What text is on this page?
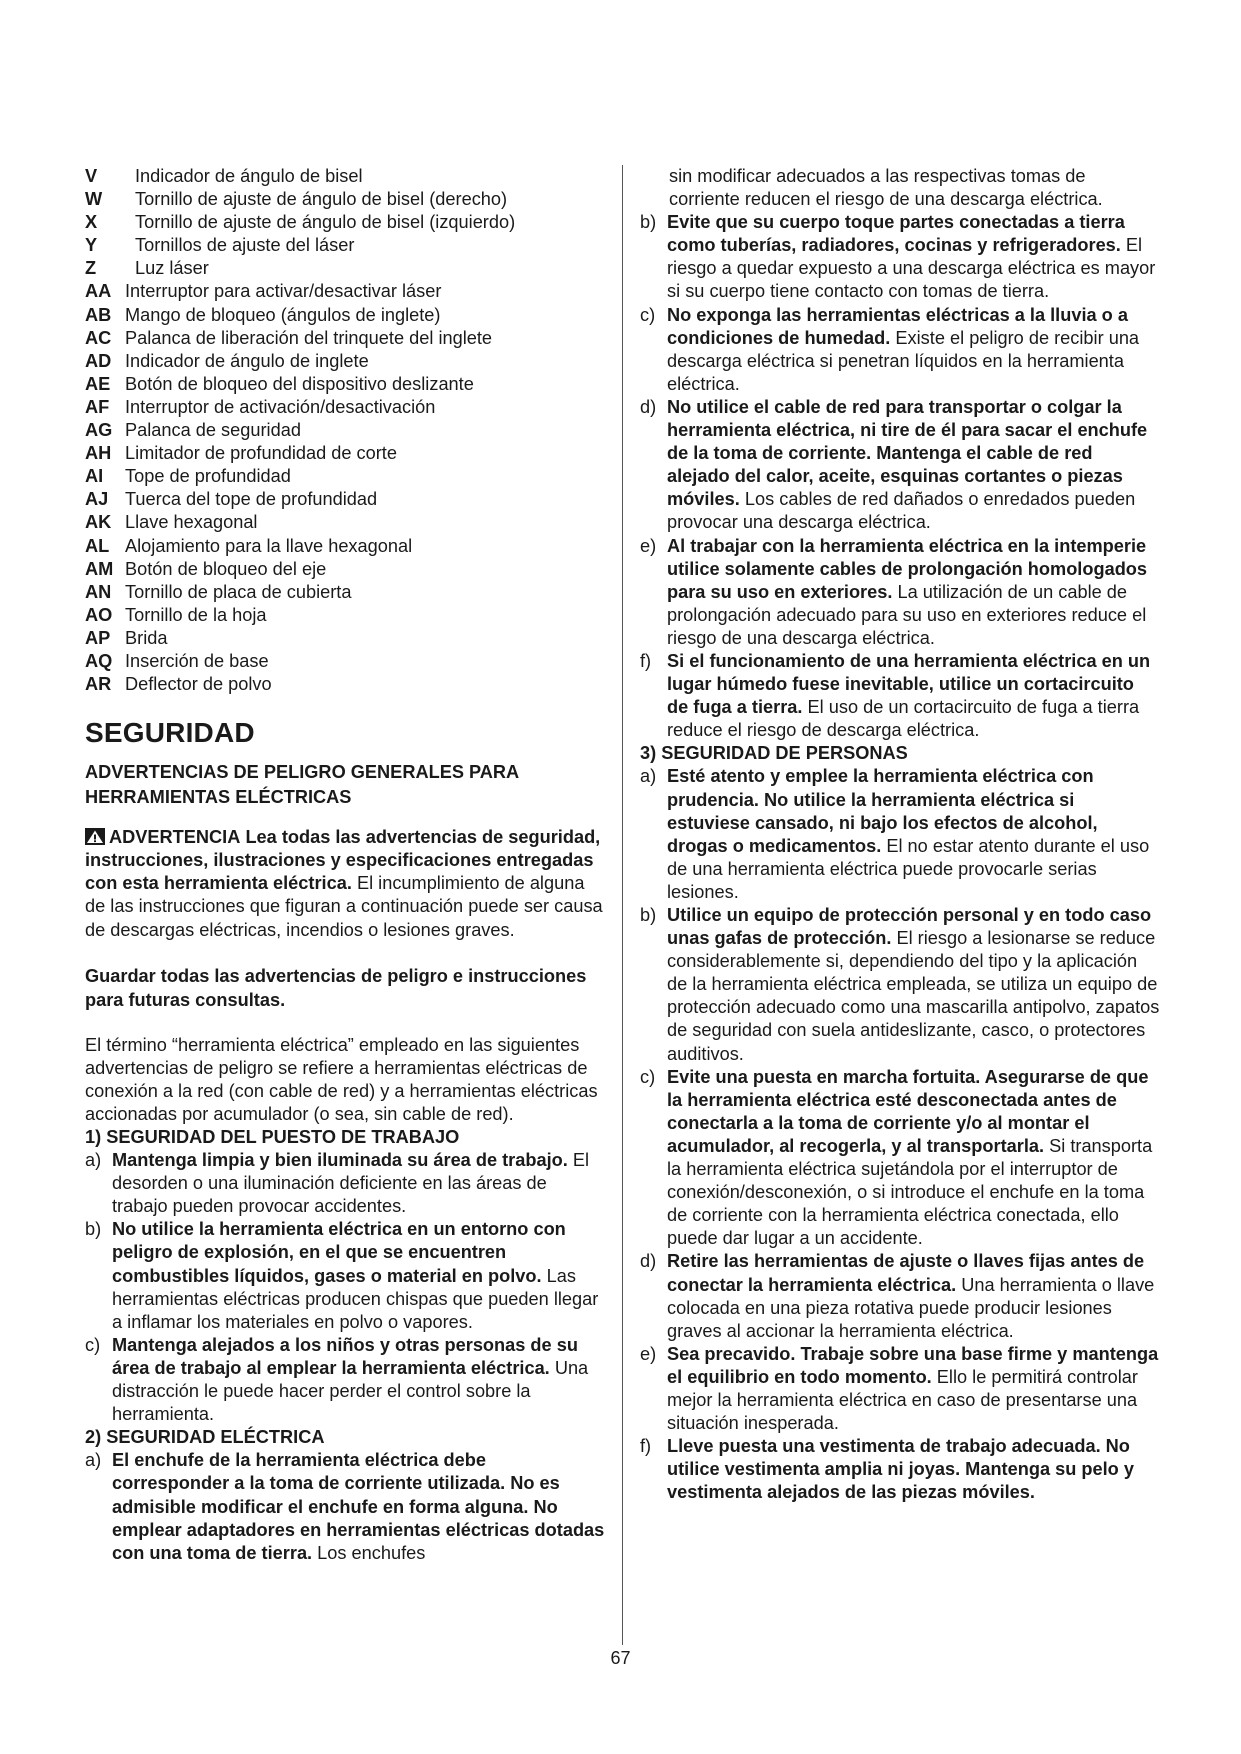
V	Indicador de ángulo de bisel
W	Tornillo de ajuste de ángulo de bisel (derecho)
X	Tornillo de ajuste de ángulo de bisel (izquierdo)
Y	Tornillos de ajuste del láser
Z	Luz láser
AA Interruptor para activar/desactivar láser
AB Mango de bloqueo (ángulos de inglete)
AC Palanca de liberación del trinquete del inglete
AD Indicador de ángulo de inglete
AE Botón de bloqueo del dispositivo deslizante
AF Interruptor de activación/desactivación
AG Palanca de seguridad
AH Limitador de profundidad de corte
AI	Tope de profundidad
AJ Tuerca del tope de profundidad
AK Llave hexagonal
AL Alojamiento para la llave hexagonal
AM Botón de bloqueo del eje
AN Tornillo de placa de cubierta
AO Tornillo de la hoja
AP Brida
AQ Inserción de base
AR Deflector de polvo
SEGURIDAD
ADVERTENCIAS DE PELIGRO GENERALES PARA HERRAMIENTAS ELÉCTRICAS

ADVERTENCIA Lea todas las advertencias de seguridad, instrucciones, ilustraciones y especificaciones entregadas con esta herramienta eléctrica. El incumplimiento de alguna de las instrucciones que figuran a continuación puede ser causa de descargas eléctricas, incendios o lesiones graves.

Guardar todas las advertencias de peligro e instrucciones para futuras consultas.

El término “herramienta eléctrica” empleado en las siguientes advertencias de peligro se refiere a herramientas eléctricas de conexión a la red (con cable de red) y a herramientas eléctricas accionadas por acumulador (o sea, sin cable de red).

1) SEGURIDAD DEL PUESTO DE TRABAJO
a) Mantenga limpia y bien iluminada su área de trabajo. El desorden o una iluminación deficiente en las áreas de trabajo pueden provocar accidentes.
b) No utilice la herramienta eléctrica en un entorno con peligro de explosión, en el que se encuentren combustibles líquidos, gases o material en polvo. Las herramientas eléctricas producen chispas que pueden llegar a inflamar los materiales en polvo o vapores.
c) Mantenga alejados a los niños y otras personas de su área de trabajo al emplear la herramienta eléctrica. Una distracción le puede hacer perder el control sobre la herramienta.
2) SEGURIDAD ELÉCTRICA
a) El enchufe de la herramienta eléctrica debe corresponder a la toma de corriente utilizada. No es admisible modificar el enchufe en forma alguna. No emplear adaptadores en herramientas eléctricas dotadas con una toma de tierra. Los enchufes

sin modificar adecuados a las respectivas tomas de corriente reducen el riesgo de una descarga eléctrica.

b) Evite que su cuerpo toque partes conectadas a tierra como tuberías, radiadores, cocinas y refrigeradores. El riesgo a quedar expuesto a una descarga eléctrica es mayor si su cuerpo tiene contacto con tomas de tierra.
c) No exponga las herramientas eléctricas a la lluvia o a condiciones de humedad. Existe el peligro de recibir una descarga eléctrica si penetran líquidos en la herramienta eléctrica.
d) No utilice el cable de red para transportar o colgar la herramienta eléctrica, ni tire de él para sacar el enchufe de la toma de corriente. Mantenga el cable de red alejado del calor, aceite, esquinas cortantes o piezas móviles. Los cables de red dañados o enredados pueden provocar una descarga eléctrica.
e) Al trabajar con la herramienta eléctrica en la intemperie utilice solamente cables de prolongación homologados para su uso en exteriores. La utilización de un cable de prolongación adecuado para su uso en exteriores reduce el riesgo de una descarga eléctrica.
f) Si el funcionamiento de una herramienta eléctrica en un lugar húmedo fuese inevitable, utilice un cortacircuito de fuga a tierra. El uso de un cortacircuito de fuga a tierra reduce el riesgo de descarga eléctrica.
3) SEGURIDAD DE PERSONAS
a) Esté atento y emplee la herramienta eléctrica con prudencia. No utilice la herramienta eléctrica si estuviese cansado, ni bajo los efectos de alcohol, drogas o medicamentos. El no estar atento durante el uso de una herramienta eléctrica puede provocarle serias lesiones.
b) Utilice un equipo de protección personal y en todo caso unas gafas de protección. El riesgo a lesionarse se reduce considerablemente si, dependiendo del tipo y la aplicación de la herramienta eléctrica empleada, se utiliza un equipo de protección adecuado como una mascarilla antipolvo, zapatos de seguridad con suela antideslizante, casco, o protectores auditivos.
c) Evite una puesta en marcha fortuita. Asegurarse de que la herramienta eléctrica esté desconectada antes de conectarla a la toma de corriente y/o al montar el acumulador, al recogerla, y al transportarla. Si transporta la herramienta eléctrica sujetándola por el interruptor de conexión/desconexión, o si introduce el enchufe en la toma de corriente con la herramienta eléctrica conectada, ello puede dar lugar a un accidente.
d) Retire las herramientas de ajuste o llaves fijas antes de conectar la herramienta eléctrica. Una herramienta o llave colocada en una pieza rotativa puede producir lesiones graves al accionar la herramienta eléctrica.
e) Sea precavido. Trabaje sobre una base firme y mantenga el equilibrio en todo momento. Ello le permitirá controlar mejor la herramienta eléctrica en caso de presentarse una situación inesperada.
f) Lleve puesta una vestimenta de trabajo adecuada. No utilice vestimenta amplia ni joyas. Mantenga su pelo y vestimenta alejados de las piezas móviles.
67
